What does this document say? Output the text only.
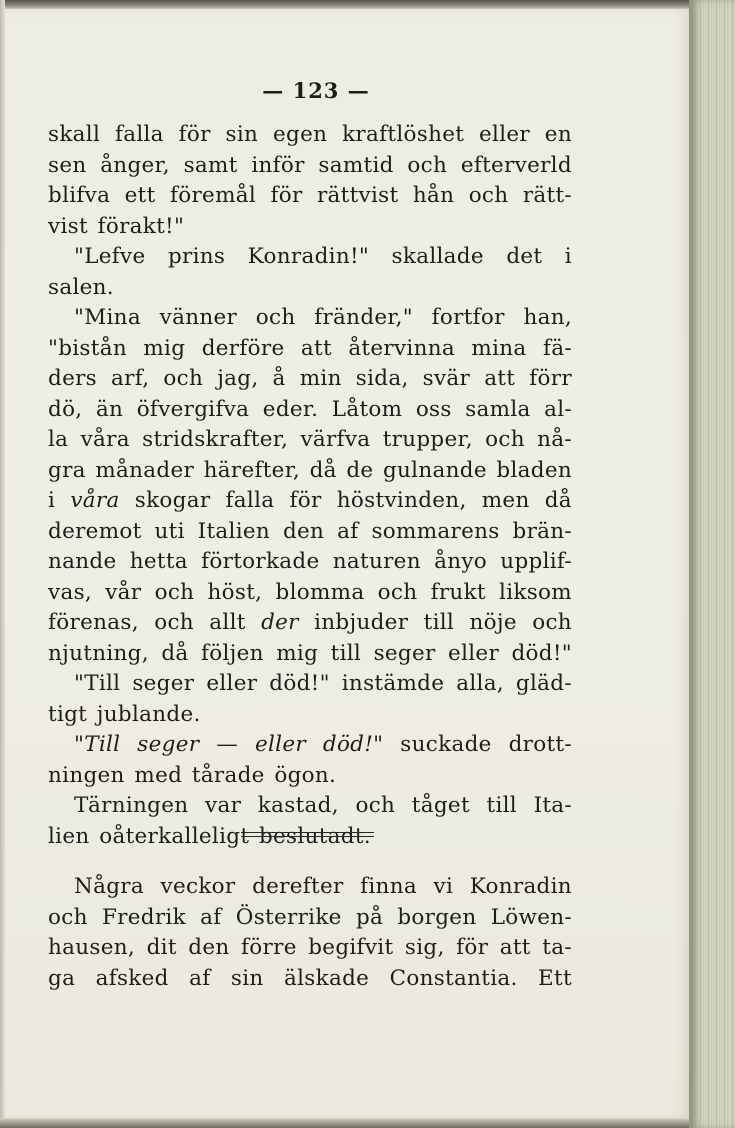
— 123 —
skall falla för sin egen kraftlöshet eller en
sen ånger, samt inför samtid och efterverld
blifva ett föremål för rättvist hån och rätt-
vist förakt!"
"Lefve prins Konradin!" skallade det i
salen.
"Mina vänner och fränder," fortfor han,
"bistån mig derföre att återvinna mina fä-
ders arf, och jag, å min sida, svär att förr
dö, än öfvergifva eder. Låtom oss samla al-
la våra stridskrafter, värfva trupper, och nå-
gra månader härefter, då de gulnande bladen
i våra skogar falla för höstvinden, men då
deremot uti Italien den af sommarens brän-
nande hetta förtorkade naturen ånyo upplif-
vas, vår och höst, blomma och frukt liksom
förenas, och allt der inbjuder till nöje och
njutning, då följen mig till seger eller död!"
"Till seger eller död!" instämde alla, gläd-
tigt jublande.
"Till seger — eller död!" suckade drott-
ningen med tårade ögon.
Tärningen var kastad, och tåget till Ita-
lien oåterkalleligt beslutadt.
Några veckor derefter finna vi Konradin
och Fredrik af Österrike på borgen Löwen-
hausen, dit den förre begifvit sig, för att ta-
ga afsked af sin älskade Constantia. Ett
